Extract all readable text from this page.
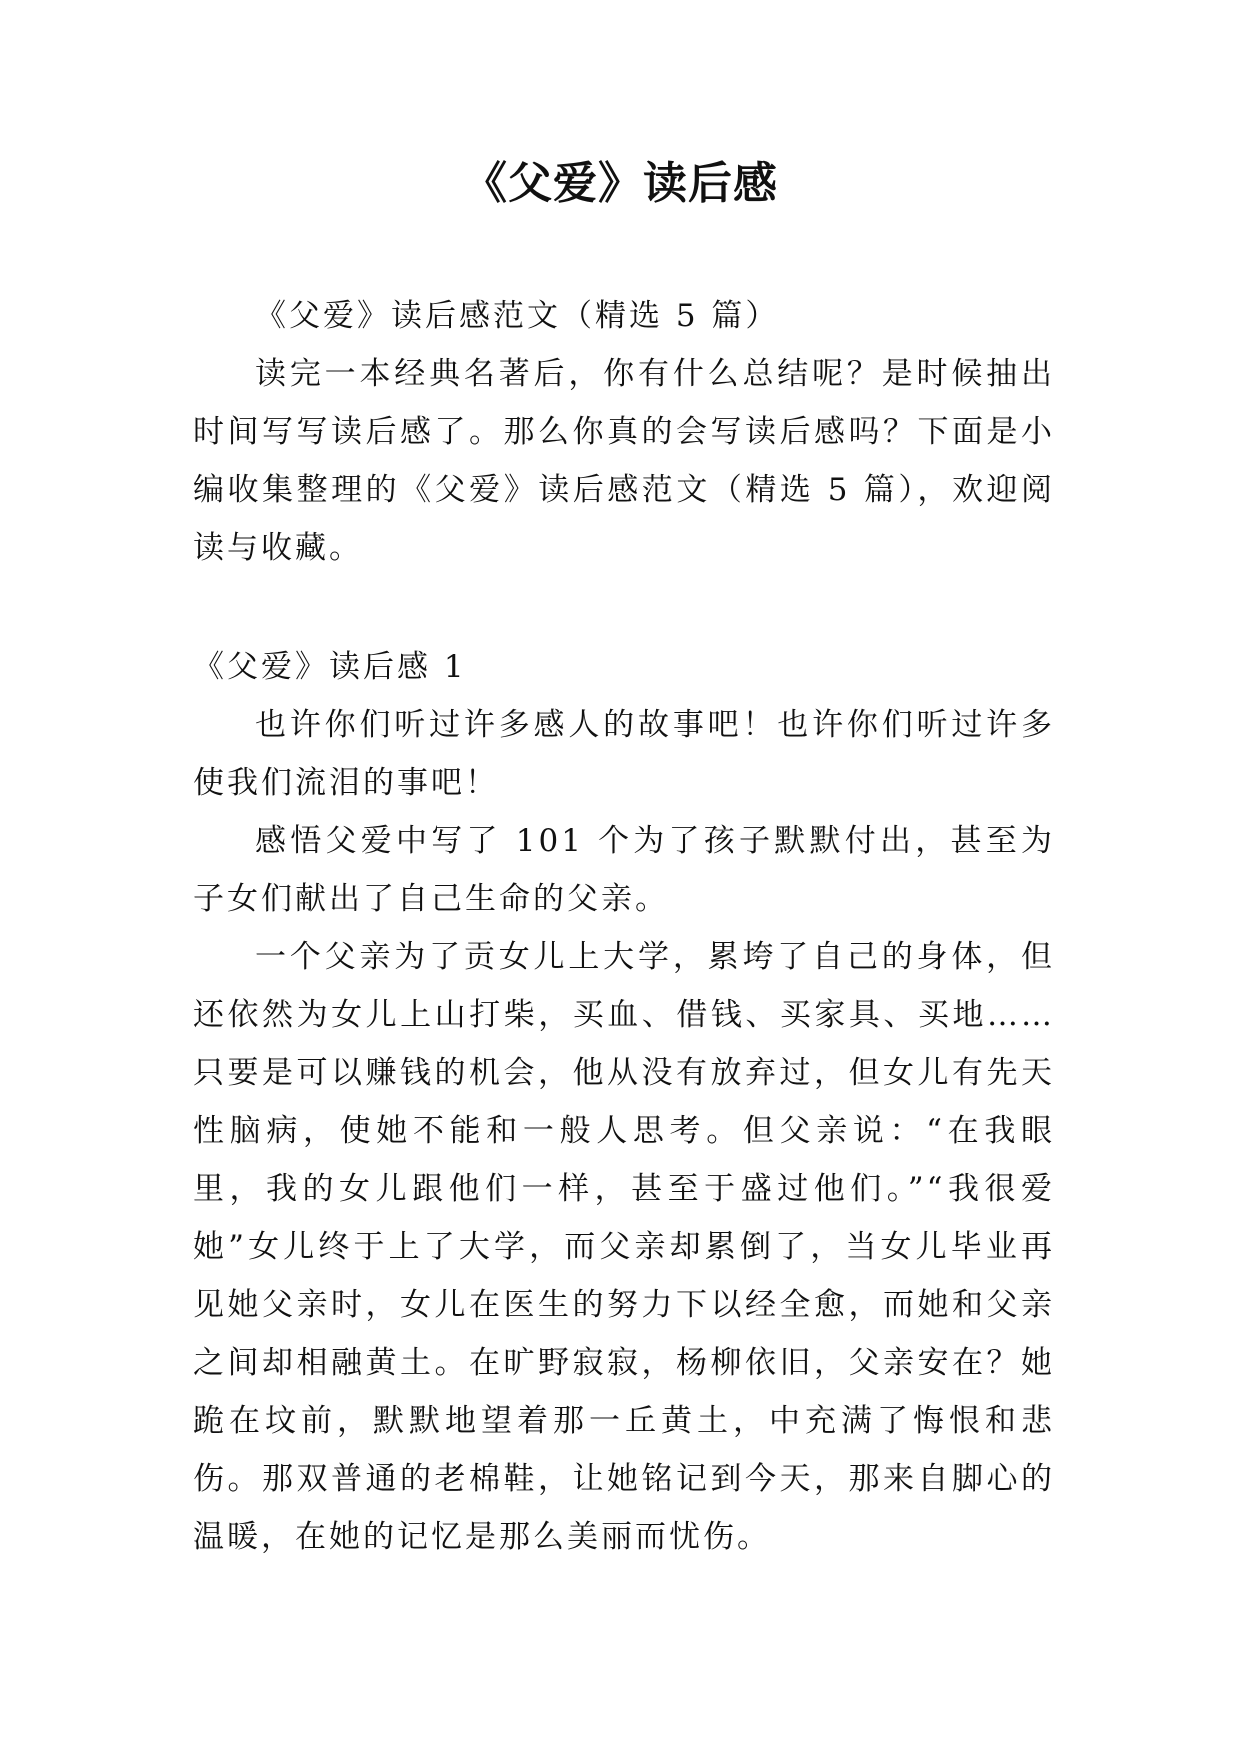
《父爱》读后感

《父爱》读后感范文（精选 5 篇）

读完一本经典名著后，你有什么总结呢？是时候抽出时间写写读后感了。那么你真的会写读后感吗？下面是小编收集整理的《父爱》读后感范文（精选 5 篇），欢迎阅读与收藏。

《父爱》读后感 1

也许你们听过许多感人的故事吧！也许你们听过许多使我们流泪的事吧！

感悟父爱中写了 101 个为了孩子默默付出，甚至为子女们献出了自己生命的父亲。

一个父亲为了贡女儿上大学，累垮了自己的身体，但还依然为女儿上山打柴，买血、借钱、买家具、买地……只要是可以赚钱的机会，他从没有放弃过，但女儿有先天性脑病，使她不能和一般人思考。但父亲说：“在我眼里，我的女儿跟他们一样，甚至于盛过他们。”“我很爱她”女儿终于上了大学，而父亲却累倒了，当女儿毕业再见她父亲时，女儿在医生的努力下以经全愈，而她和父亲之间却相融黄土。在旷野寂寂，杨柳依旧，父亲安在？她跪在坟前，默默地望着那一丘黄土，中充满了悔恨和悲伤。那双普通的老棉鞋，让她铭记到今天，那来自脚心的温暖，在她的记忆是那么美丽而忧伤。
